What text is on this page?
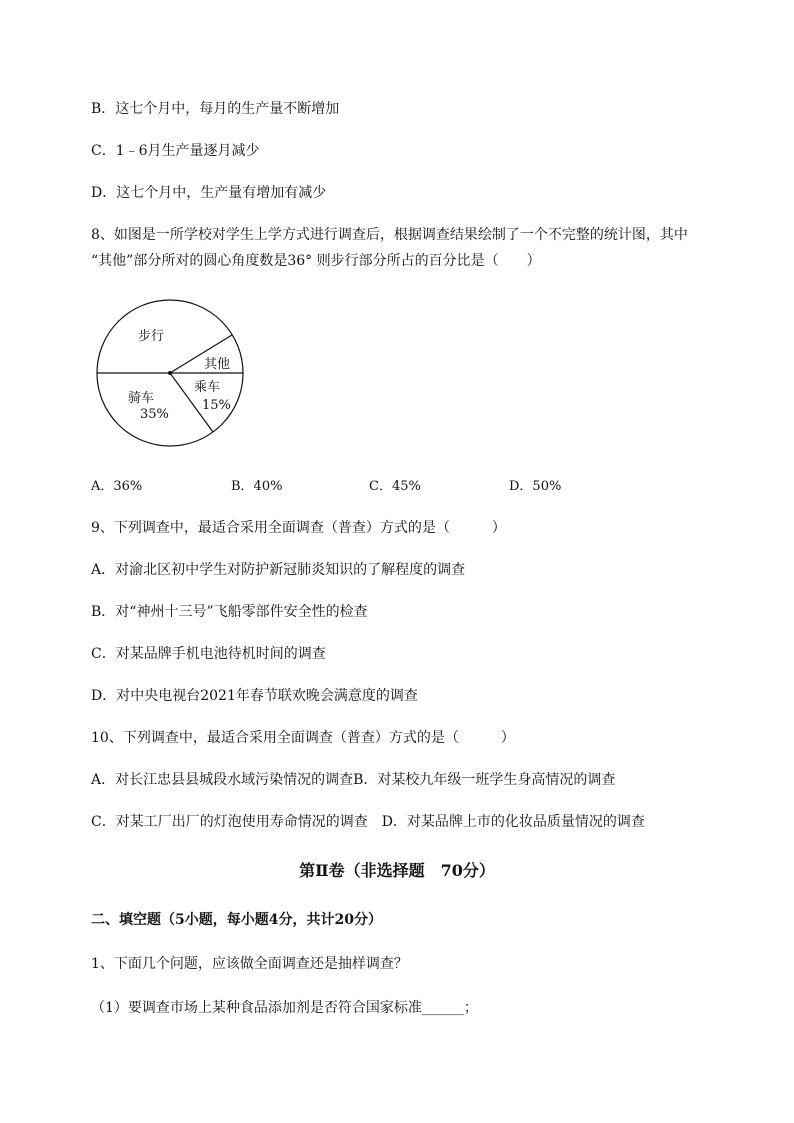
B．这七个月中，每月的生产量不断增加
C．1﹣6月生产量逐月减少
D．这七个月中，生产量有增加有减少
8、如图是一所学校对学生上学方式进行调查后，根据调查结果绘制了一个不完整的统计图，其中
“其他”部分所对的圆心角度数是36° 则步行部分所占的百分比是（　　）
步行
其他
乘车
15%
骑车
35%
A．36%	B．40%	C．45%	D．50%
9、下列调查中，最适合采用全面调查（普查）方式的是（　　　）
A．对渝北区初中学生对防护新冠肺炎知识的了解程度的调查
B．对“神州十三号”飞船零部件安全性的检查
C．对某品牌手机电池待机时间的调查
D．对中央电视台2021年春节联欢晚会满意度的调查
10、下列调查中，最适合采用全面调查（普查）方式的是（　　　）
A．对长江忠县县城段水域污染情况的调查B．对某校九年级一班学生身高情况的调查
C．对某工厂出厂的灯泡使用寿命情况的调查　D．对某品牌上市的化妆品质量情况的调查
第Ⅱ卷（非选择题　70分）
二、填空题（5小题，每小题4分，共计20分）
1、下面几个问题，应该做全面调查还是抽样调查？
（1）要调查市场上某种食品添加剂是否符合国家标准______；
